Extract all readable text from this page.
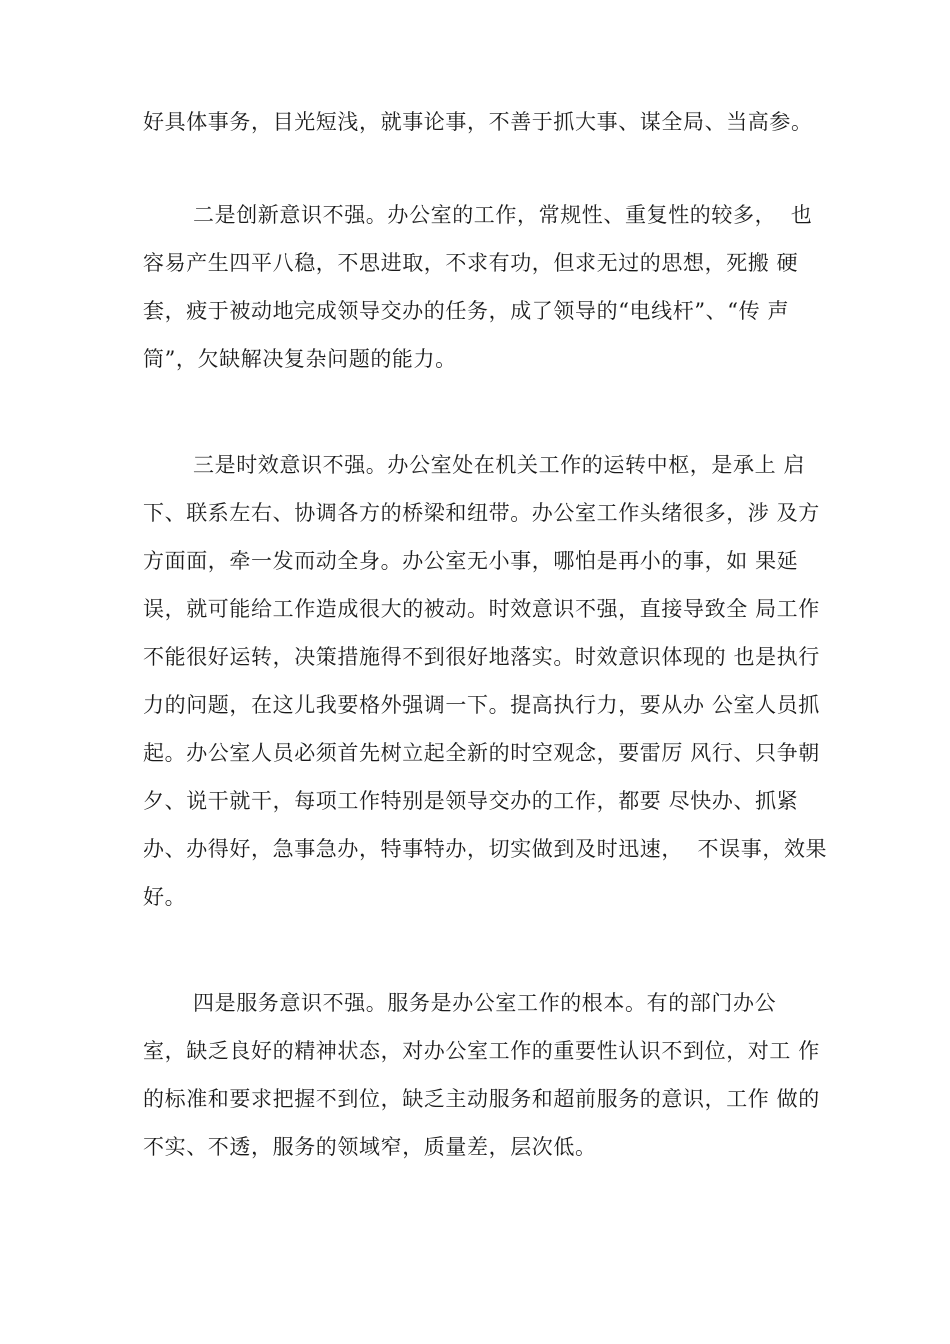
好具体事务，目光短浅，就事论事，不善于抓大事、谋全局、当高参。
二是创新意识不强。办公室的工作，常规性、重复性的较多，  也
容易产生四平八稳，不思进取，不求有功，但求无过的思想，死搬 硬
套，疲于被动地完成领导交办的任务，成了领导的“电线杆”、“传 声
筒”，欠缺解决复杂问题的能力。
三是时效意识不强。办公室处在机关工作的运转中枢，是承上 启
下、联系左右、协调各方的桥梁和纽带。办公室工作头绪很多，涉 及方
方面面，牵一发而动全身。办公室无小事，哪怕是再小的事，如 果延
误，就可能给工作造成很大的被动。时效意识不强，直接导致全 局工作
不能很好运转，决策措施得不到很好地落实。时效意识体现的 也是执行
力的问题，在这儿我要格外强调一下。提高执行力，要从办 公室人员抓
起。办公室人员必须首先树立起全新的时空观念，要雷厉 风行、只争朝
夕、说干就干，每项工作特别是领导交办的工作，都要 尽快办、抓紧
办、办得好，急事急办，特事特办，切实做到及时迅速，  不误事，效果
好。
四是服务意识不强。服务是办公室工作的根本。有的部门办公
室，缺乏良好的精神状态，对办公室工作的重要性认识不到位，对工 作
的标准和要求把握不到位，缺乏主动服务和超前服务的意识，工作 做的
不实、不透，服务的领域窄，质量差，层次低。
